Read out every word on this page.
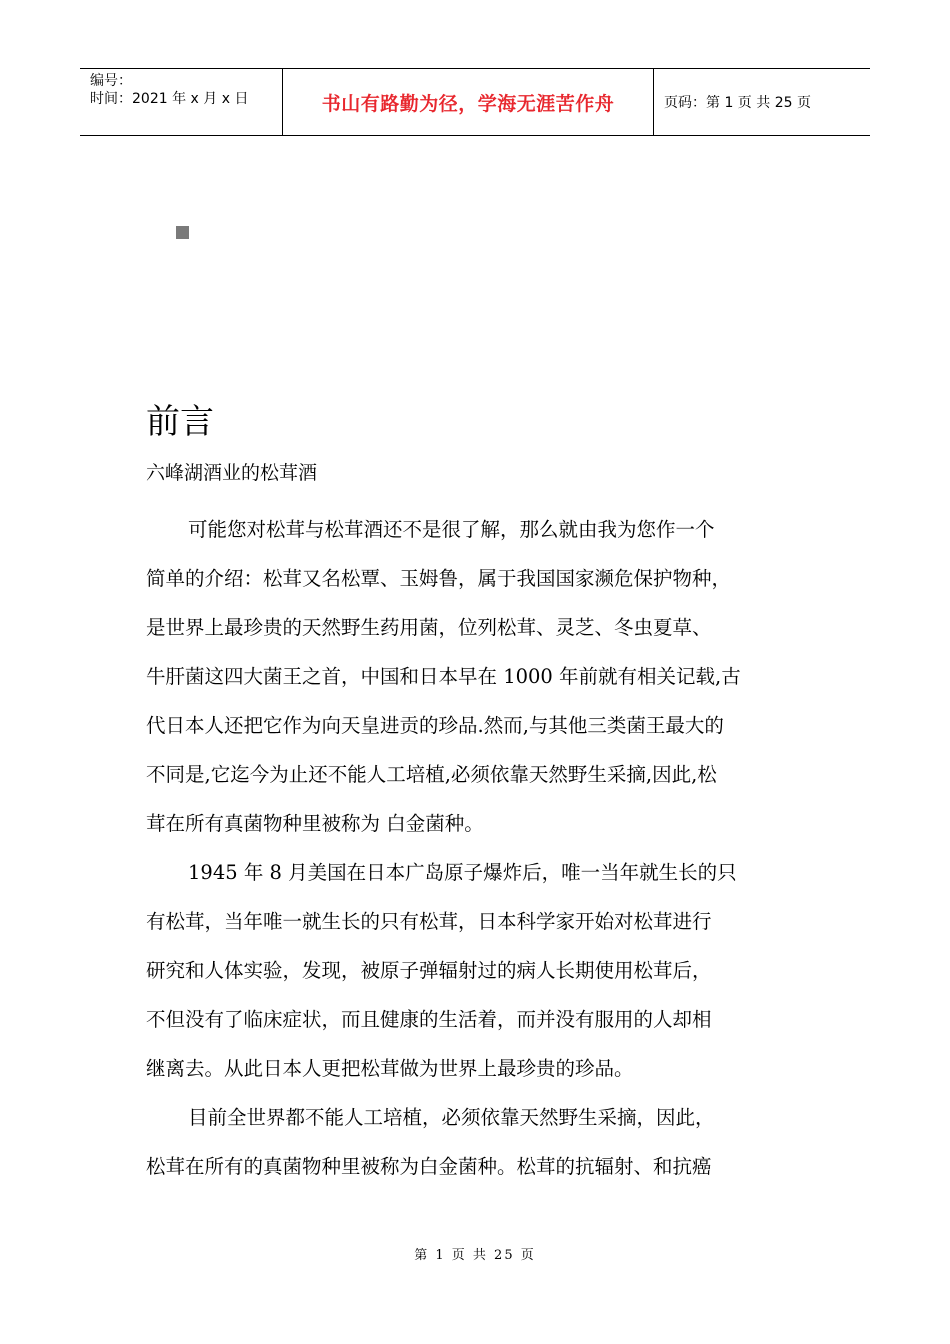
编号：
时间：2021 年 x 月 x 日	书山有路勤为径，学海无涯苦作舟	页码：第 1 页 共 25 页
前言
六峰湖酒业的松茸酒
可能您对松茸与松茸酒还不是很了解，那么就由我为您作一个
简单的介绍：松茸又名松覃、玉姆鲁，属于我国国家濒危保护物种，
是世界上最珍贵的天然野生药用菌，位列松茸、灵芝、冬虫夏草、
牛肝菌这四大菌王之首，中国和日本早在 1000 年前就有相关记载,古
代日本人还把它作为向天皇进贡的珍品.然而,与其他三类菌王最大的
不同是,它迄今为止还不能人工培植,必须依靠天然野生采摘,因此,松
茸在所有真菌物种里被称为 白金菌种。
1945 年 8 月美国在日本广岛原子爆炸后，唯一当年就生长的只
有松茸，当年唯一就生长的只有松茸，日本科学家开始对松茸进行
研究和人体实验，发现，被原子弹辐射过的病人长期使用松茸后，
不但没有了临床症状，而且健康的生活着，而并没有服用的人却相
继离去。从此日本人更把松茸做为世界上最珍贵的珍品。
目前全世界都不能人工培植，必须依靠天然野生采摘，因此，
松茸在所有的真菌物种里被称为白金菌种。松茸的抗辐射、和抗癌
第 1 页 共 25 页
